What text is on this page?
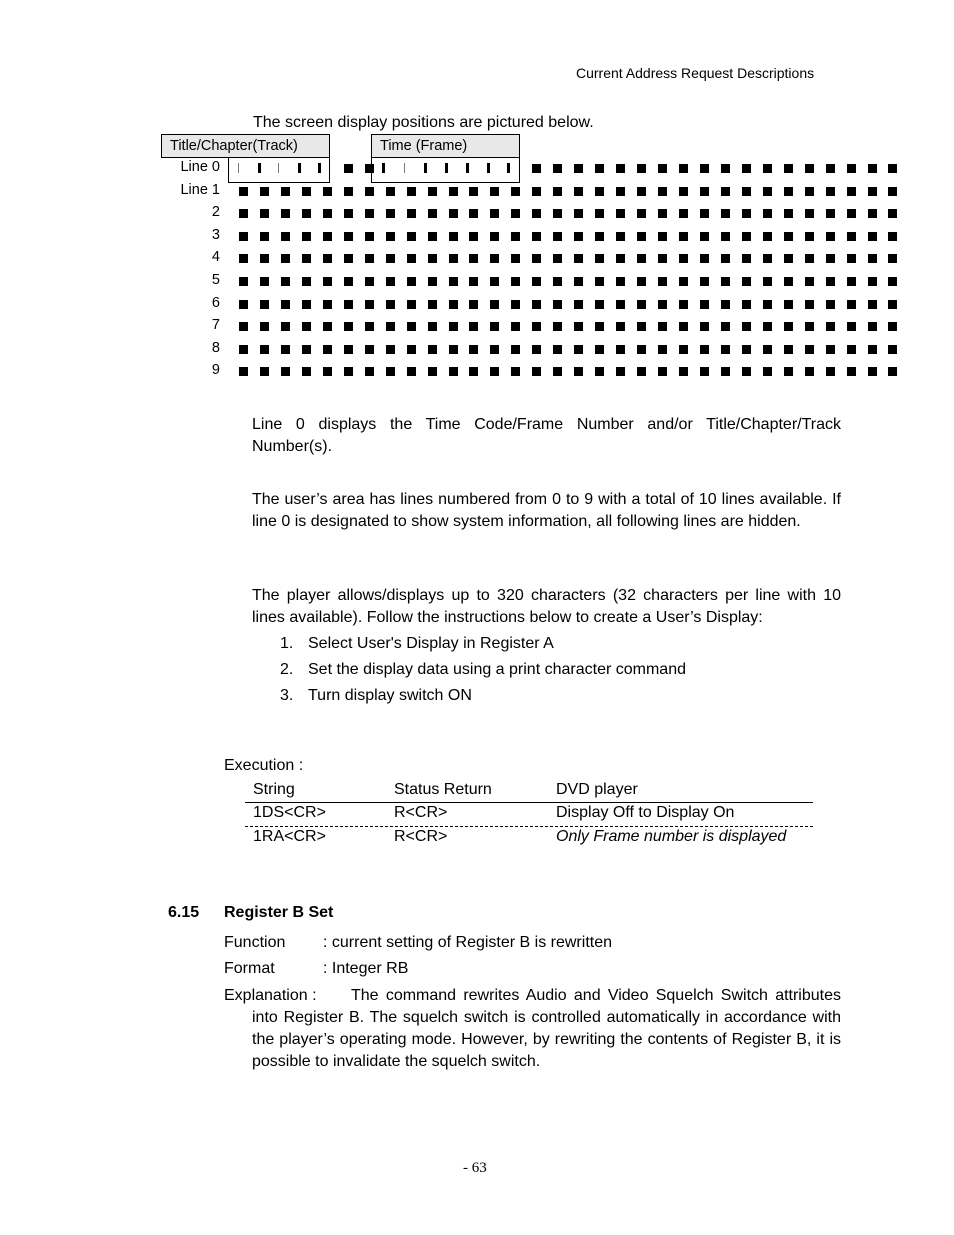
Current Address Request Descriptions
The screen display positions are pictured below.
Title/Chapter(Track)	Time (Frame)
Line 0
Line 1
2
3
4
5
6
7
8
9
Line 0 displays the Time Code/Frame Number and/or Title/Chapter/Track Number(s).
The user’s area has lines numbered from 0 to 9 with a total of 10 lines available. If line 0 is designated to show system information, all following lines are hidden.
The player allows/displays up to 320 characters (32 characters per line with 10 lines available). Follow the instructions below to create a User’s Display:
1. Select User's Display in Register A
2. Set the display data using a print character command
3. Turn display switch ON
Execution :
String	Status Return	DVD player
1DS<CR>	R<CR>	Display Off to Display On
1RA<CR>	R<CR>	Only Frame number is displayed
6.15 Register B Set
Function : current setting of Register B is rewritten
Format	: Integer RB
Explanation :	The command rewrites Audio and Video Squelch Switch attributes into Register B. The squelch switch is controlled automatically in accordance with the player’s operating mode. However, by rewriting the contents of Register B, it is possible to invalidate the squelch switch.
- 63
